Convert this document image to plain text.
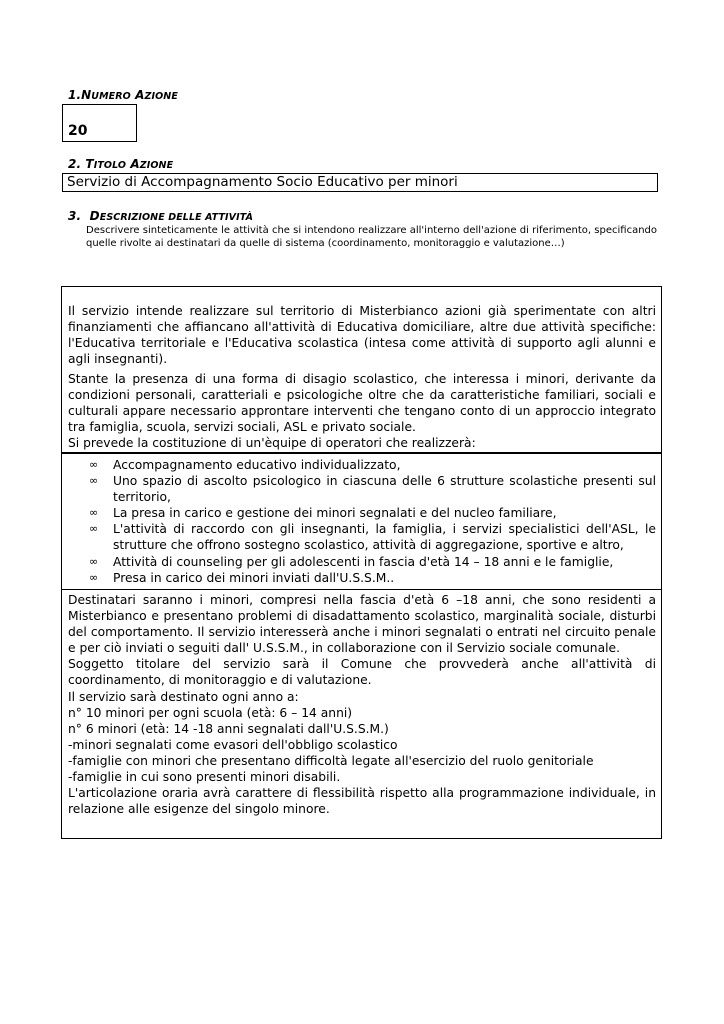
1.NUMERO AZIONE
20
2. TITOLO AZIONE
Servizio di Accompagnamento Socio Educativo per minori
3. DESCRIZIONE DELLE ATTIVITÀ
Descrivere sinteticamente le attività che si intendono realizzare all'interno dell'azione di riferimento, specificando quelle rivolte ai destinatari da quelle di sistema (coordinamento, monitoraggio e valutazione…)
Il servizio intende realizzare sul territorio di Misterbianco azioni già sperimentate con altri finanziamenti che affiancano all'attività di Educativa domiciliare, altre due attività specifiche: l'Educativa territoriale e l'Educativa scolastica (intesa come attività di supporto agli alunni e agli insegnanti).
Stante la presenza di una forma di disagio scolastico, che interessa i minori, derivante da condizioni personali, caratteriali e psicologiche oltre che da caratteristiche familiari, sociali e culturali appare necessario approntare interventi che tengano conto di un approccio integrato tra famiglia, scuola, servizi sociali, ASL e privato sociale.
Si prevede la costituzione di un'èquipe di operatori che realizzerà:
∞ Accompagnamento educativo individualizzato,
∞ Uno spazio di ascolto psicologico in ciascuna delle 6 strutture scolastiche presenti sul territorio,
∞ La presa in carico e gestione dei minori segnalati e del nucleo familiare,
∞ L'attività di raccordo con gli insegnanti, la famiglia, i servizi specialistici dell'ASL, le strutture che offrono sostegno scolastico, attività di aggregazione, sportive e altro,
∞ Attività di counseling per gli adolescenti in fascia d'età 14 – 18 anni e le famiglie,
∞ Presa in carico dei minori inviati dall'U.S.S.M..
Destinatari saranno i minori, compresi nella fascia d'età 6 –18 anni, che sono residenti a Misterbianco e presentano problemi di disadattamento scolastico, marginalità sociale, disturbi del comportamento. Il servizio interesserà anche i minori segnalati o entrati nel circuito penale e per ciò inviati o seguiti dall' U.S.S.M., in collaborazione con il Servizio sociale comunale.
Soggetto titolare del servizio sarà il Comune che provvederà anche all'attività di coordinamento, di monitoraggio e di valutazione.
Il servizio sarà destinato ogni anno a:
n° 10 minori per ogni scuola (età: 6 – 14 anni)
n° 6 minori (età: 14 -18 anni segnalati dall'U.S.S.M.)
-minori segnalati come evasori dell'obbligo scolastico
-famiglie con minori che presentano difficoltà legate all'esercizio del ruolo genitoriale
-famiglie in cui sono presenti minori disabili.
L'articolazione oraria avrà carattere di flessibilità rispetto alla programmazione individuale, in relazione alle esigenze del singolo minore.
